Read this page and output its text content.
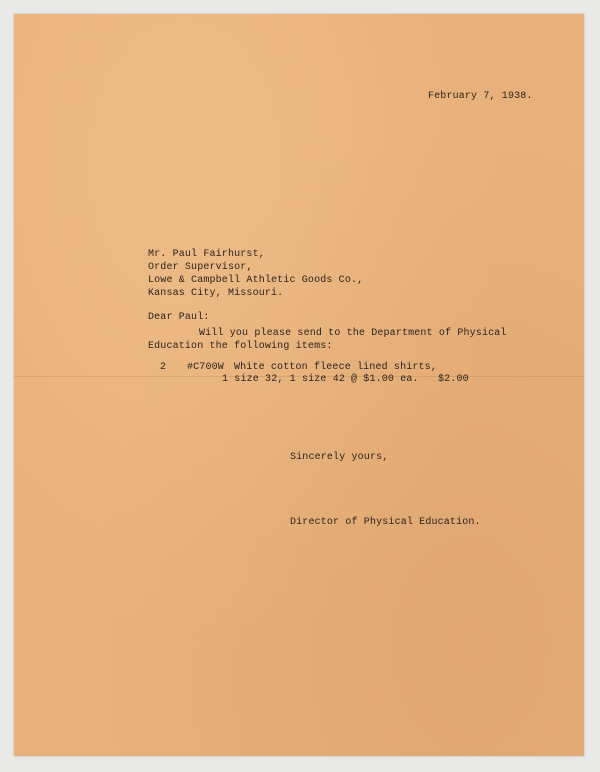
February 7, 1938.
Mr. Paul Fairhurst,
Order Supervisor,
Lowe & Campbell Athletic Goods Co.,
Kansas City, Missouri.
Dear Paul:
Will you please send to the Department of Physical
Education the following items:
2 #C700W White cotton fleece lined shirts,
1 size 32, 1 size 42 @ $1.00 ea. $2.00
Sincerely yours,
Director of Physical Education.
